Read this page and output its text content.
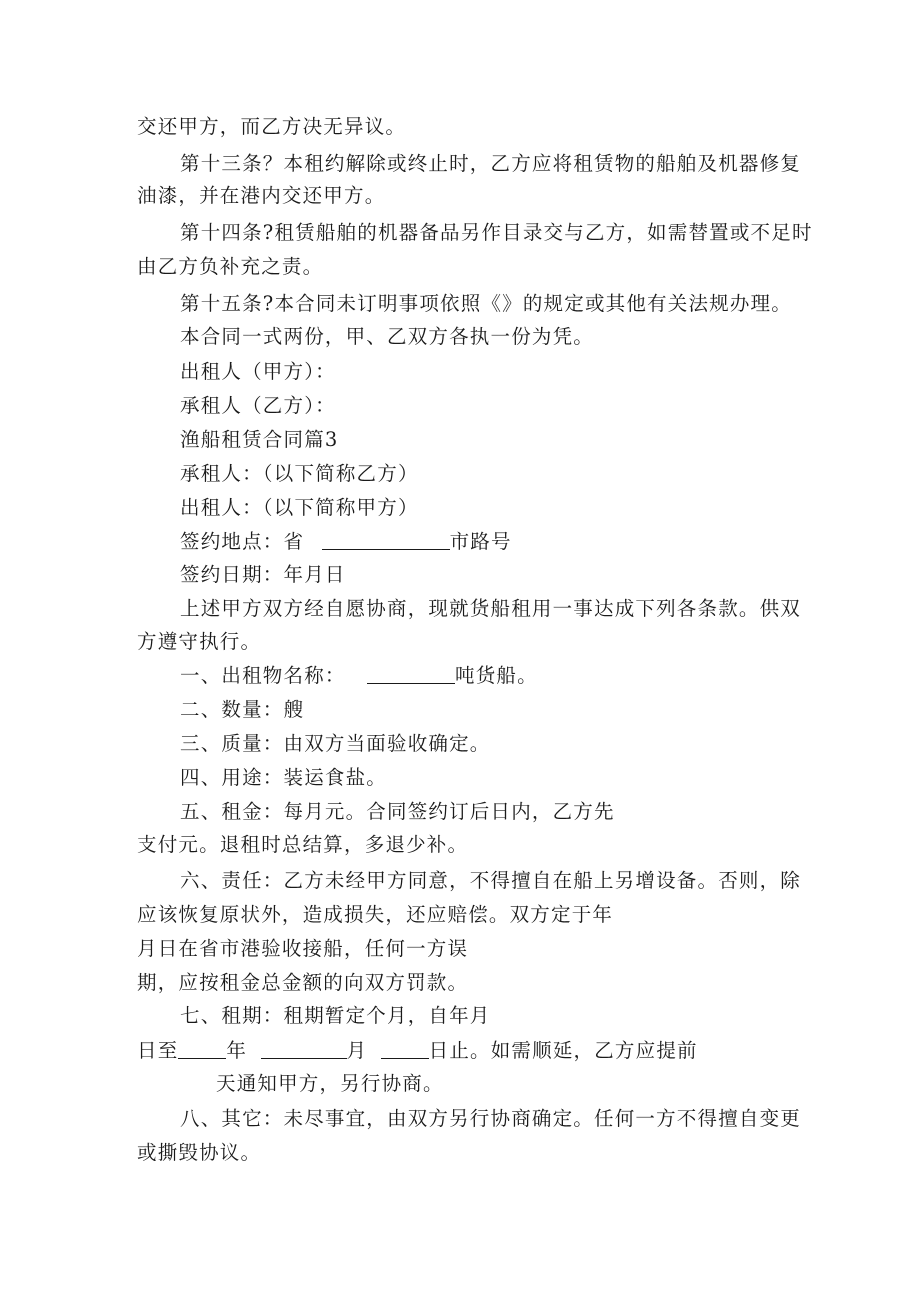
交还甲方，而乙方决无异议。
第十三条？本租约解除或终止时，乙方应将租赁物的船舶及机器修复
油漆，并在港内交还甲方。
第十四条?租赁船舶的机器备品另作目录交与乙方，如需替置或不足时
由乙方负补充之责。
第十五条?本合同未订明事项依照《》的规定或其他有关法规办理。
本合同一式两份，甲、乙双方各执一份为凭。
出租人（甲方）：
承租人（乙方）：
渔船租赁合同篇3
承租人：（以下简称乙方）
出租人：（以下简称甲方）
签约地点：省	市路号
签约日期：年月日
上述甲方双方经自愿协商，现就货船租用一事达成下列各条款。供双
方遵守执行。
一、出租物名称：	吨货船。
二、数量：艘
三、质量：由双方当面验收确定。
四、用途：装运食盐。
五、租金：每月元。合同签约订后日内，乙方先
支付元。退租时总结算，多退少补。
六、责任：乙方未经甲方同意，不得擅自在船上另增设备。否则，除
应该恢复原状外，造成损失，还应赔偿。双方定于年
月日在省市港验收接船，任何一方误
期，应按租金总金额的向双方罚款。
七、租期：租期暂定个月，自年月
日至 年	月	日止。如需顺延，乙方应提前
天通知甲方，另行协商。
八、其它：未尽事宜，由双方另行协商确定。任何一方不得擅自变更
或撕毁协议。
